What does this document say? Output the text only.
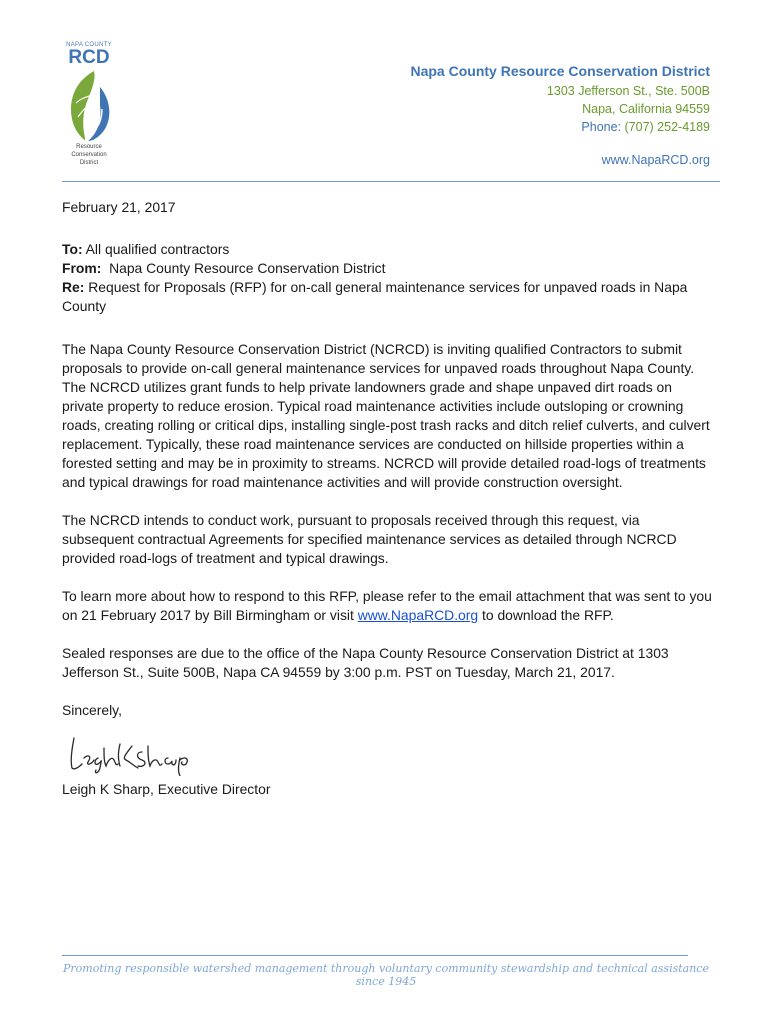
NAPA COUNTY
RCD
Resource
Conservation
District
Napa County Resource Conservation District
1303 Jefferson St., Ste. 500B
Napa, California 94559
Phone: (707) 252-4189
www.NapaRCD.org
February 21, 2017
To: All qualified contractors
From: Napa County Resource Conservation District
Re: Request for Proposals (RFP) for on-call general maintenance services for unpaved roads in Napa County

The Napa County Resource Conservation District (NCRCD) is inviting qualified Contractors to submit proposals to provide on-call general maintenance services for unpaved roads throughout Napa County. The NCRCD utilizes grant funds to help private landowners grade and shape unpaved dirt roads on private property to reduce erosion. Typical road maintenance activities include outsloping or crowning roads, creating rolling or critical dips, installing single-post trash racks and ditch relief culverts, and culvert replacement. Typically, these road maintenance services are conducted on hillside properties within a forested setting and may be in proximity to streams. NCRCD will provide detailed road-logs of treatments and typical drawings for road maintenance activities and will provide construction oversight.

The NCRCD intends to conduct work, pursuant to proposals received through this request, via subsequent contractual Agreements for specified maintenance services as detailed through NCRCD provided road-logs of treatment and typical drawings.

To learn more about how to respond to this RFP, please refer to the email attachment that was sent to you on 21 February 2017 by Bill Birmingham or visit www.NapaRCD.org to download the RFP.

Sealed responses are due to the office of the Napa County Resource Conservation District at 1303 Jefferson St., Suite 500B, Napa CA 94559 by 3:00 p.m. PST on Tuesday, March 21, 2017.

Sincerely,
Leigh K Sharp, Executive Director
Promoting responsible watershed management through voluntary community stewardship and technical assistance since 1945
